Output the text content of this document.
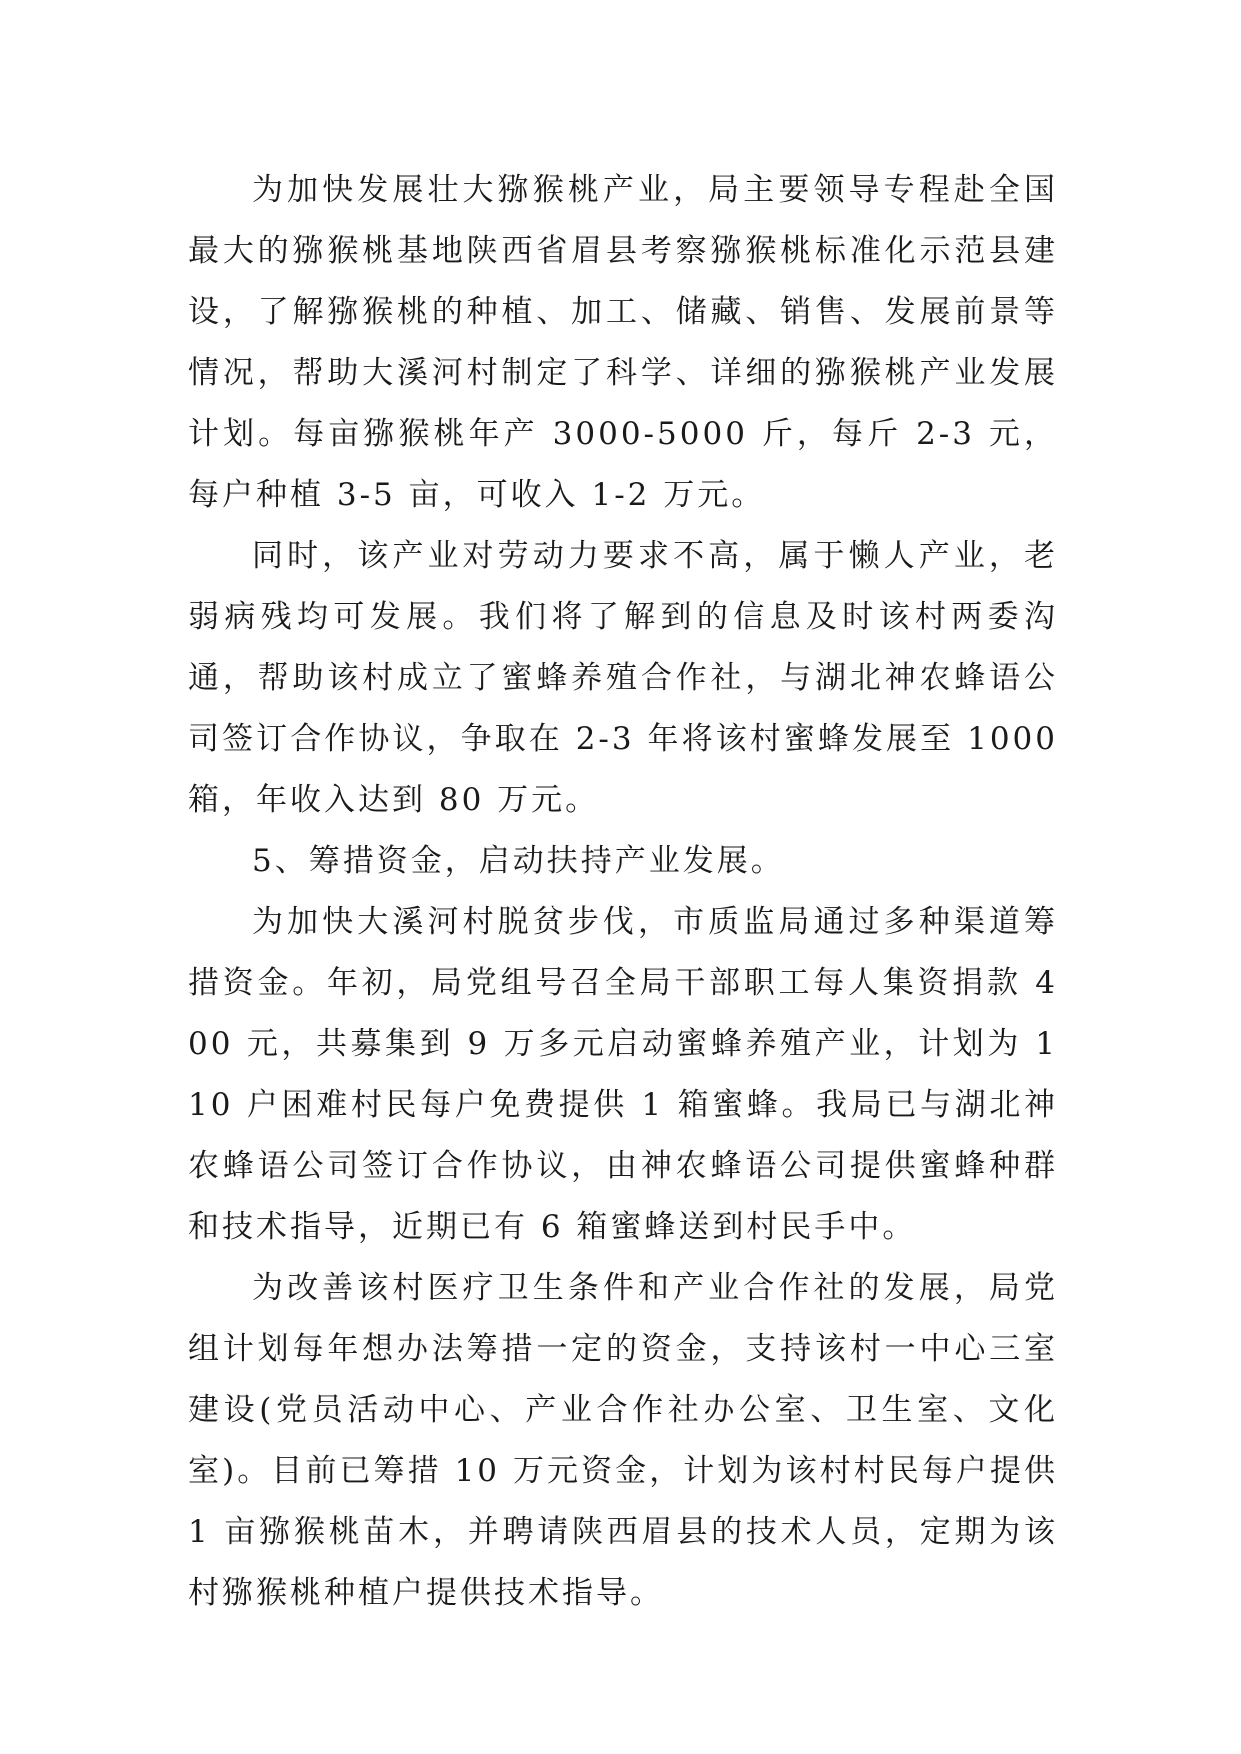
为加快发展壮大猕猴桃产业，局主要领导专程赴全国最大的猕猴桃基地陕西省眉县考察猕猴桃标准化示范县建设，了解猕猴桃的种植、加工、储藏、销售、发展前景等情况，帮助大溪河村制定了科学、详细的猕猴桃产业发展计划。每亩猕猴桃年产 3000-5000 斤，每斤 2-3 元，每户种植 3-5 亩，可收入 1-2 万元。

同时，该产业对劳动力要求不高，属于懒人产业，老弱病残均可发展。我们将了解到的信息及时该村两委沟通，帮助该村成立了蜜蜂养殖合作社，与湖北神农蜂语公司签订合作协议，争取在 2-3 年将该村蜜蜂发展至 1000 箱，年收入达到 80 万元。

5、筹措资金，启动扶持产业发展。

为加快大溪河村脱贫步伐，市质监局通过多种渠道筹措资金。年初，局党组号召全局干部职工每人集资捐款 400 元，共募集到 9 万多元启动蜜蜂养殖产业，计划为 110 户困难村民每户免费提供 1 箱蜜蜂。我局已与湖北神农蜂语公司签订合作协议，由神农蜂语公司提供蜜蜂种群和技术指导，近期已有 6 箱蜜蜂送到村民手中。

为改善该村医疗卫生条件和产业合作社的发展，局党组计划每年想办法筹措一定的资金，支持该村一中心三室 建设(党员活动中心、产业合作社办公室、卫生室、文化室)。目前已筹措 10 万元资金，计划为该村村民每户提供 1 亩猕猴桃苗木，并聘请陕西眉县的技术人员，定期为该村猕猴桃种植户提供技术指导。
